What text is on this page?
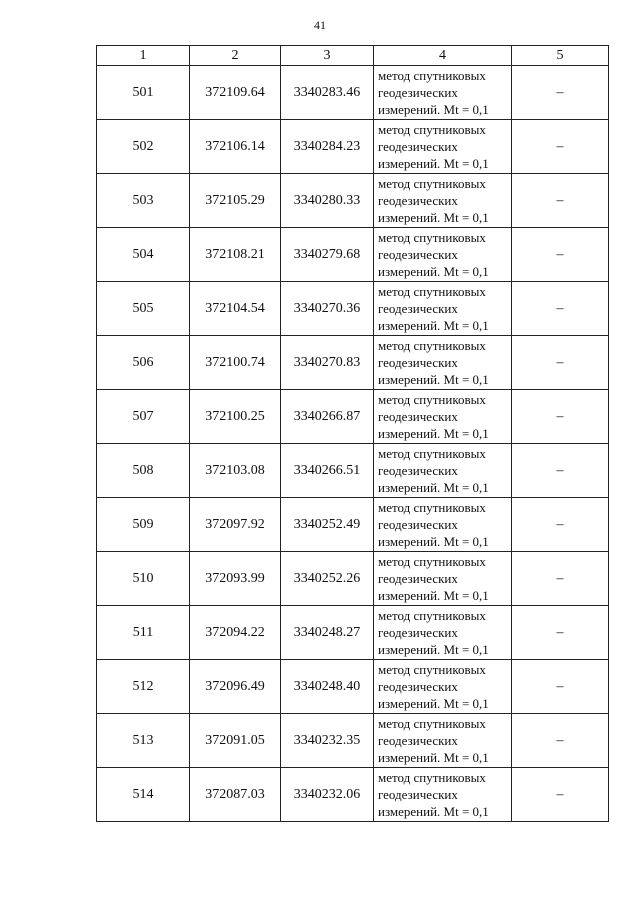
41
1	2	3	4	5
501	372109.64	3340283.46	метод спутниковых
геодезических
измерений. Mt = 0,1	–
502	372106.14	3340284.23	метод спутниковых
геодезических
измерений. Mt = 0,1	–
503	372105.29	3340280.33	метод спутниковых
геодезических
измерений. Mt = 0,1	–
504	372108.21	3340279.68	метод спутниковых
геодезических
измерений. Mt = 0,1	–
505	372104.54	3340270.36	метод спутниковых
геодезических
измерений. Mt = 0,1	–
506	372100.74	3340270.83	метод спутниковых
геодезических
измерений. Mt = 0,1	–
507	372100.25	3340266.87	метод спутниковых
геодезических
измерений. Mt = 0,1	–
508	372103.08	3340266.51	метод спутниковых
геодезических
измерений. Mt = 0,1	–
509	372097.92	3340252.49	метод спутниковых
геодезических
измерений. Mt = 0,1	–
510	372093.99	3340252.26	метод спутниковых
геодезических
измерений. Mt = 0,1	–
511	372094.22	3340248.27	метод спутниковых
геодезических
измерений. Mt = 0,1	–
512	372096.49	3340248.40	метод спутниковых
геодезических
измерений. Mt = 0,1	–
513	372091.05	3340232.35	метод спутниковых
геодезических
измерений. Mt = 0,1	–
514	372087.03	3340232.06	метод спутниковых
геодезических
измерений. Mt = 0,1	–
